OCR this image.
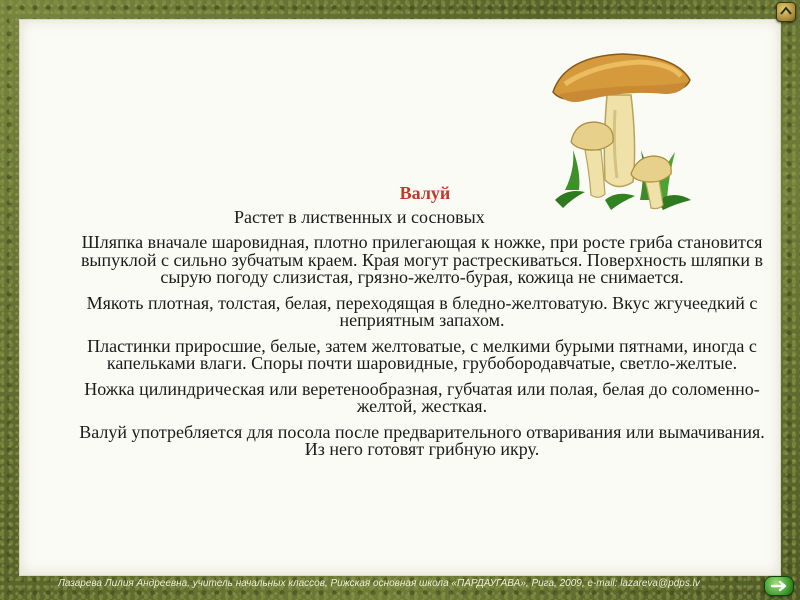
Валуй
Растет в лиственных и сосновых

Шляпка вначале шаровидная, плотно прилегающая к ножке, при росте гриба становится выпуклой с сильно зубчатым краем. Края могут растрескиваться. Поверхность шляпки в сырую погоду слизистая, грязно-желто-бурая, кожица не снимается.

Мякоть плотная, толстая, белая, переходящая в бледно-желтоватую. Вкус жгучеедкий с неприятным запахом.

Пластинки приросшие, белые, затем желтоватые, с мелкими бурыми пятнами, иногда с капельками влаги. Споры почти шаровидные, грубобородавчатые, светло-желтые.

Ножка цилиндрическая или веретенообразная, губчатая или полая, белая до соломенно-желтой, жесткая.

Валуй употребляется для посола после предварительного отваривания или вымачивания. Из него готовят грибную икру.

Лазарева Лилия Андреевна, учитель начальных классов, Рижская основная школа «ПАРДАУГАВА», Рига, 2009, e-mail: lazareva@pdps.lv
